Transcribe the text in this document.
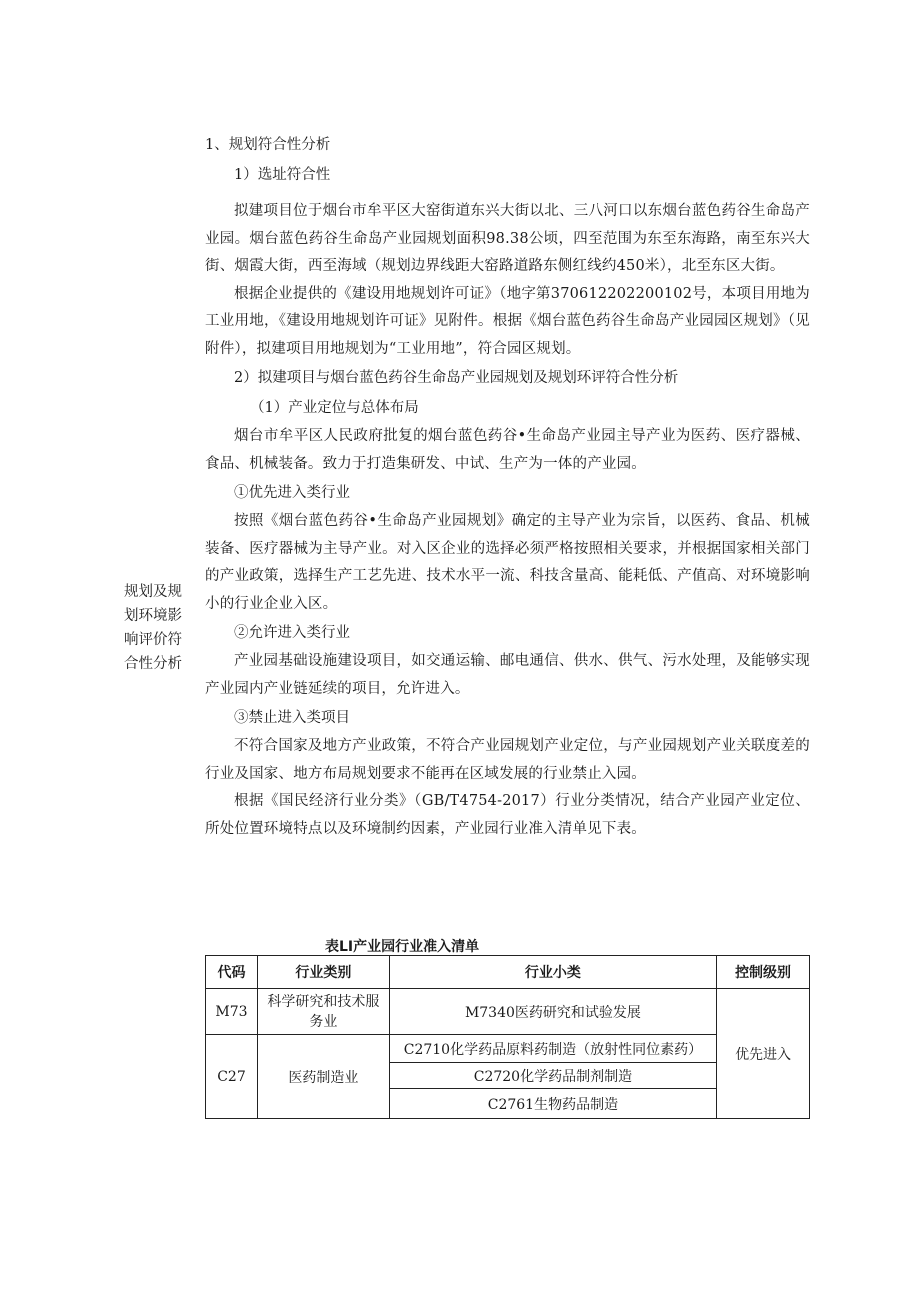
规划及规划环境影响评价符合性分析

1、规划符合性分析

1）选址符合性

拟建项目位于烟台市牟平区大窑街道东兴大街以北、三八河口以东烟台蓝色药谷生命岛产业园。烟台蓝色药谷生命岛产业园规划面积98.38公顷，四至范围为东至东海路，南至东兴大街、烟霞大街，西至海域（规划边界线距大窑路道路东侧红线约450米），北至东区大街。

根据企业提供的《建设用地规划许可证》（地字第370612202200102号，本项目用地为工业用地，《建设用地规划许可证》见附件。根据《烟台蓝色药谷生命岛产业园园区规划》（见附件），拟建项目用地规划为“工业用地”，符合园区规划。

2）拟建项目与烟台蓝色药谷生命岛产业园规划及规划环评符合性分析

（1）产业定位与总体布局

烟台市牟平区人民政府批复的烟台蓝色药谷•生命岛产业园主导产业为医药、医疗器械、食品、机械装备。致力于打造集研发、中试、生产为一体的产业园。

①优先进入类行业

按照《烟台蓝色药谷•生命岛产业园规划》确定的主导产业为宗旨，以医药、食品、机械装备、医疗器械为主导产业。对入区企业的选择必须严格按照相关要求，并根据国家相关部门的产业政策，选择生产工艺先进、技术水平一流、科技含量高、能耗低、产值高、对环境影响小的行业企业入区。

②允许进入类行业

产业园基础设施建设项目，如交通运输、邮电通信、供水、供气、污水处理，及能够实现产业园内产业链延续的项目，允许进入。

③禁止进入类项目

不符合国家及地方产业政策，不符合产业园规划产业定位，与产业园规划产业关联度差的行业及国家、地方布局规划要求不能再在区域发展的行业禁止入园。

根据《国民经济行业分类》（GB/T4754-2017）行业分类情况，结合产业园产业定位、所处位置环境特点以及环境制约因素，产业园行业准入清单见下表。

表LI产业园行业准入清单
代码	行业类别	行业小类	控制级别
M73	科学研究和技术服务业	M7340医药研究和试验发展	优先进入
C27	医药制造业	C2710化学药品原料药制造（放射性同位素药）	
		C2720化学药品制剂制造	
		C2761生物药品制造	
